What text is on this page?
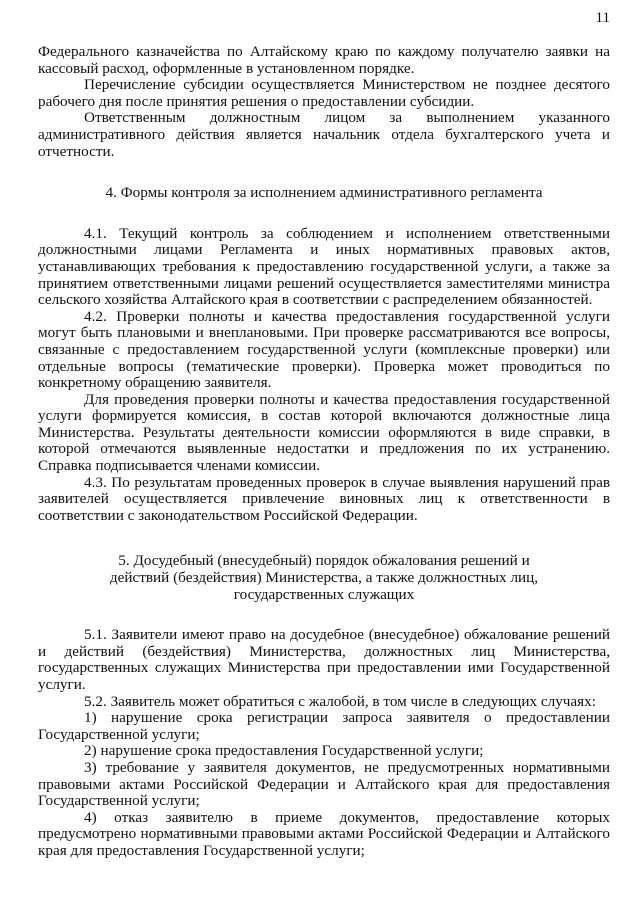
11

Федерального казначейства по Алтайскому краю по каждому получателю заявки на кассовый расход, оформленные в установленном порядке.

Перечисление субсидии осуществляется Министерством не позднее десятого рабочего дня после принятия решения о предоставлении субсидии.

Ответственным должностным лицом за выполнением указанного административного действия является начальник отдела бухгалтерского учета и отчетности.

4. Формы контроля за исполнением административного регламента

4.1. Текущий контроль за соблюдением и исполнением ответственными должностными лицами Регламента и иных нормативных правовых актов, устанавливающих требования к предоставлению государственной услуги, а также за принятием ответственными лицами решений осуществляется заместителями министра сельского хозяйства Алтайского края в соответствии с распределением обязанностей.

4.2. Проверки полноты и качества предоставления государственной услуги могут быть плановыми и внеплановыми. При проверке рассматриваются все вопросы, связанные с предоставлением государственной услуги (комплексные проверки) или отдельные вопросы (тематические проверки). Проверка может проводиться по конкретному обращению заявителя.

Для проведения проверки полноты и качества предоставления государственной услуги формируется комиссия, в состав которой включаются должностные лица Министерства. Результаты деятельности комиссии оформляются в виде справки, в которой отмечаются выявленные недостатки и предложения по их устранению. Справка подписывается членами комиссии.

4.3. По результатам проведенных проверок в случае выявления нарушений прав заявителей осуществляется привлечение виновных лиц к ответственности в соответствии с законодательством Российской Федерации.

5. Досудебный (внесудебный) порядок обжалования решений и

действий (бездействия) Министерства, а также должностных лиц,

государственных служащих

5.1. Заявители имеют право на досудебное (внесудебное) обжалование решений и действий (бездействия) Министерства, должностных лиц Министерства, государственных служащих Министерства при предоставлении ими Государственной услуги.

5.2. Заявитель может обратиться с жалобой, в том числе в следующих случаях:

1) нарушение срока регистрации запроса заявителя о предоставлении Государственной услуги;

2) нарушение срока предоставления Государственной услуги;

3) требование у заявителя документов, не предусмотренных нормативными правовыми актами Российской Федерации и Алтайского края для предоставления Государственной услуги;

4) отказ заявителю в приеме документов, предоставление которых предусмотрено нормативными правовыми актами Российской Федерации и Алтайского края для предоставления Государственной услуги;
